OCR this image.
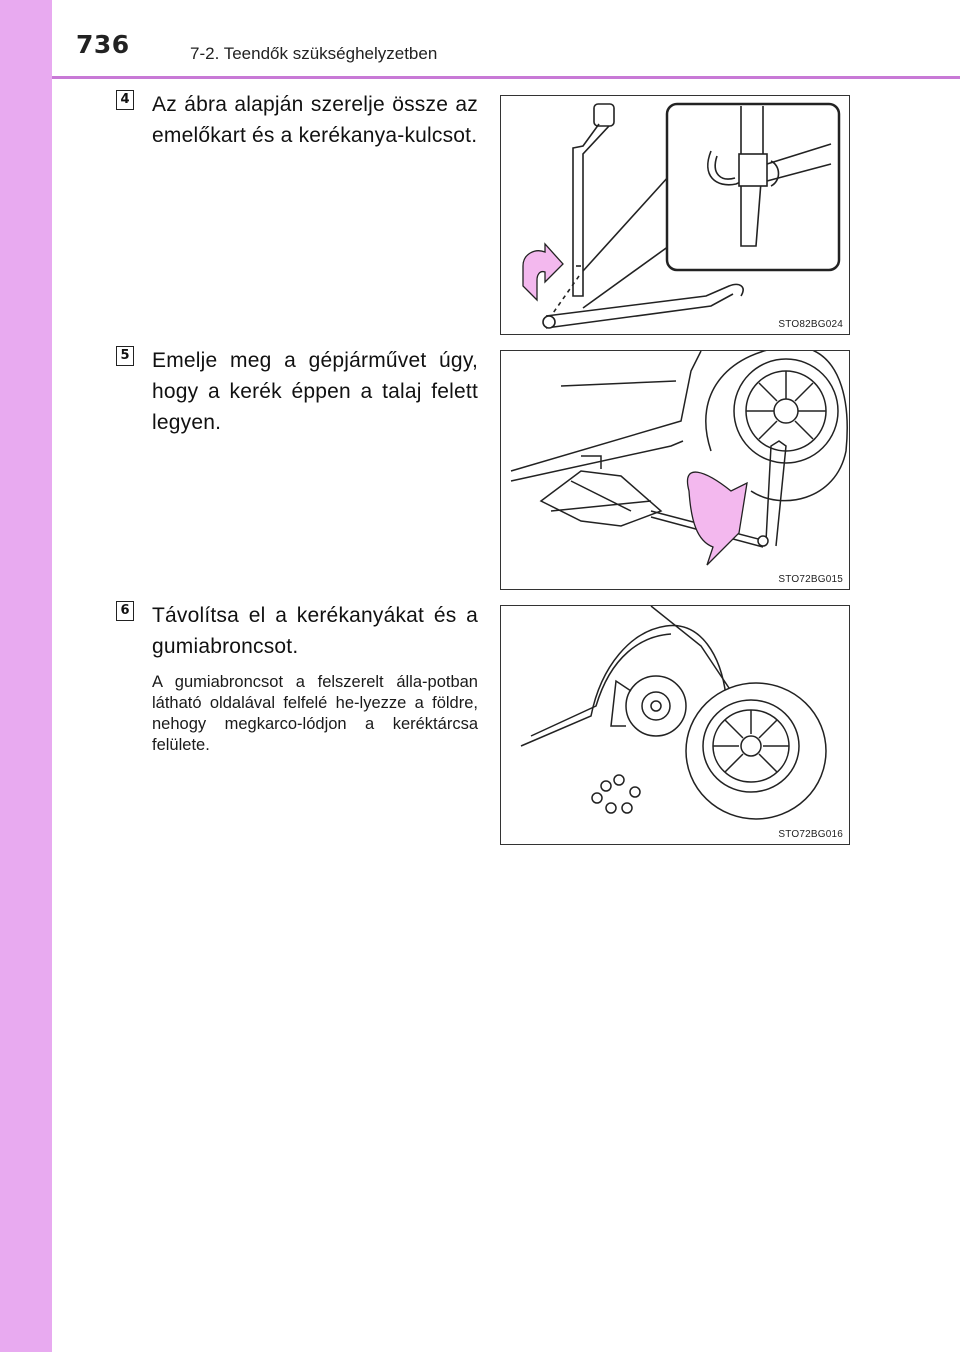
736	7-2. Teendők szükséghelyzetben
4 Az ábra alapján szerelje össze az emelőkart és a kerékanya-kulcsot.
STO82BG024
5 Emelje meg a gépjárművet úgy, hogy a kerék éppen a talaj felett legyen.
STO72BG015
6 Távolítsa el a kerékanyákat és a gumiabroncsot.
A gumiabroncsot a felszerelt álla-potban látható oldalával felfelé he-lyezze a földre, nehogy megkarco-lódjon a keréktárcsa felülete.
STO72BG016
